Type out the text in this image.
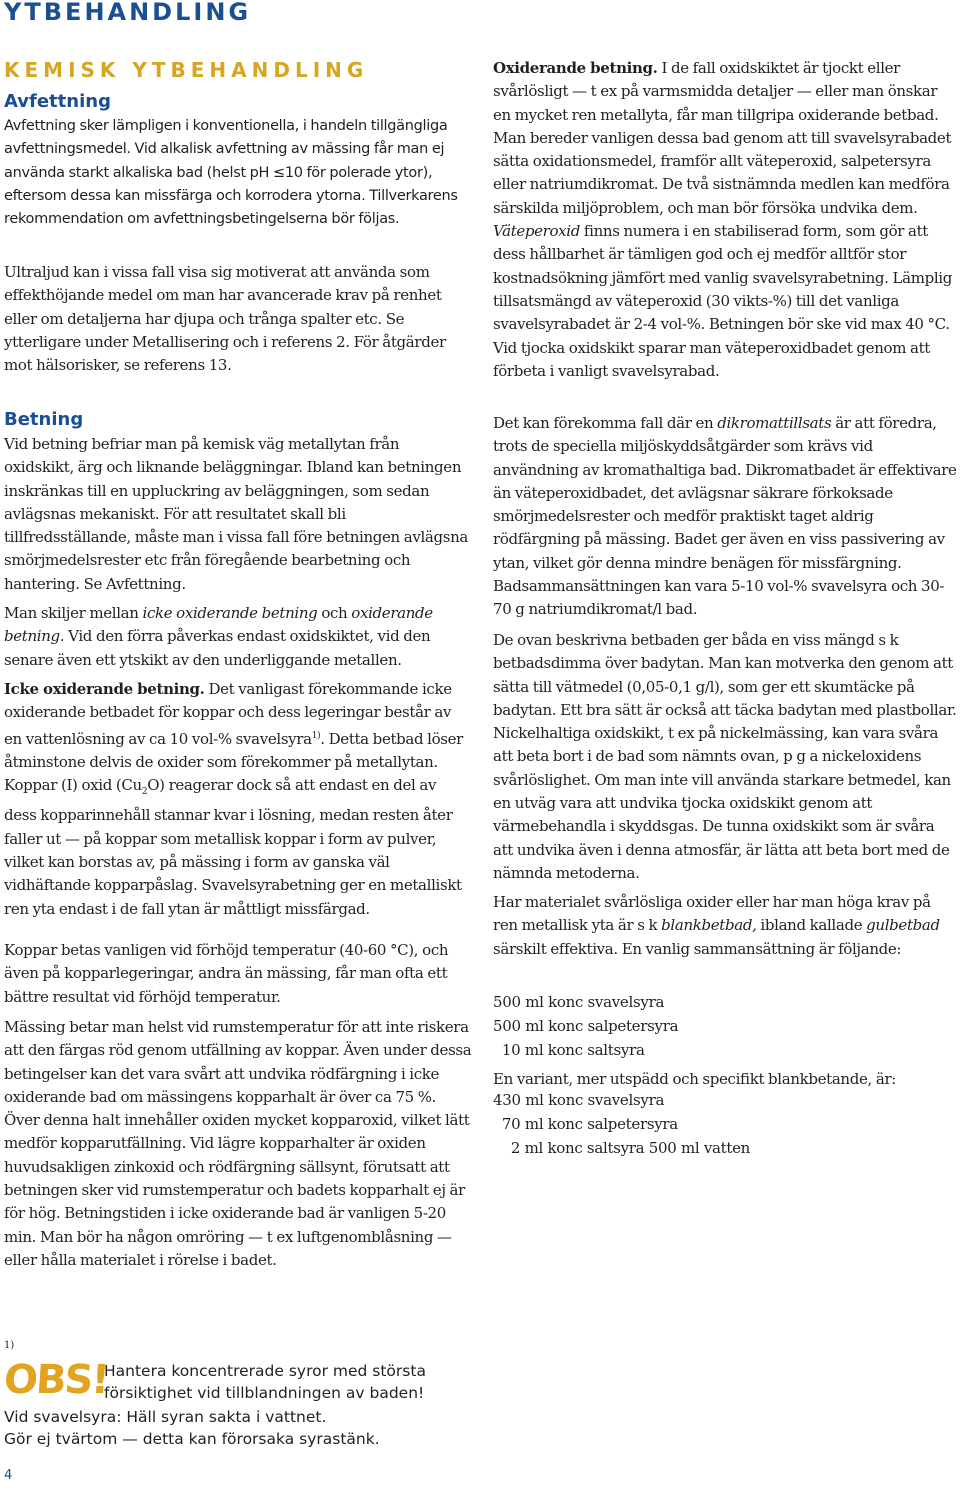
YTBEHANDLING
KEMISK YTBEHANDLING
Avfettning

Avfettning sker lämpligen i konventionella, i handeln tillgängliga avfettningsmedel. Vid alkalisk avfettning av mässing får man ej använda starkt alkaliska bad (helst pH ≤10 för polerade ytor), eftersom dessa kan missfärga och korrodera ytorna. Tillverkarens rekommendation om avfettningsbetingelserna bör följas.

Ultraljud kan i vissa fall visa sig motiverat att använda som effekthöjande medel om man har avancerade krav på renhet eller om detaljerna har djupa och trånga spalter etc. Se ytterligare under Metallisering och i referens 2. För åtgärder mot hälsorisker, se referens 13.

Betning

Vid betning befriar man på kemisk väg metallytan från oxidskikt, ärg och liknande beläggningar. Ibland kan betningen inskränkas till en uppluckring av beläggningen, som sedan avlägsnas mekaniskt. För att resultatet skall bli tillfredsställande, måste man i vissa fall före betningen avlägsna smörjmedelsrester etc från föregående bearbetning och hantering. Se Avfettning.

Man skiljer mellan icke oxiderande betning och oxiderande betning. Vid den förra påverkas endast oxidskiktet, vid den senare även ett ytskikt av den underliggande metallen.

Icke oxiderande betning. Det vanligast förekommande icke oxiderande betbadet för koppar och dess legeringar består av en vattenlösning av ca 10 vol-% svavelsyra$^{1)}$. Detta betbad löser åtminstone delvis de oxider som förekommer på metallytan. Koppar (I) oxid $(Cu_2O)$ reagerar dock så att endast en del av dess kopparinnehåll stannar kvar i lösning, medan resten åter faller ut — på koppar som metallisk koppar i form av pulver, vilket kan borstas av, på mässing i form av ganska väl vidhäftande kopparpåslag. Svavelsyrabetning ger en metalliskt ren yta endast i de fall ytan är måttligt missfärgad.

Koppar betas vanligen vid förhöjd temperatur (40-60 °C), och även på kopparlegeringar, andra än mässing, får man ofta ett bättre resultat vid förhöjd temperatur.

Mässing betar man helst vid rumstemperatur för att inte riskera att den färgas röd genom utfällning av koppar. Även under dessa betingelser kan det vara svårt att undvika rödfärgning i icke oxiderande bad om mässingens kopparhalt är över ca 75 %. Över denna halt innehåller oxiden mycket kopparoxid, vilket lätt medför kopparutfällning. Vid lägre kopparhalter är oxiden huvudsakligen zinkoxid och rödfärgning sällsynt, förutsatt att betningen sker vid rumstemperatur och badets kopparhalt ej är för hög. Betningstiden i icke oxiderande bad är vanligen 5-20 min. Man bör ha någon omröring — t ex luftgenomblåsning — eller hålla materialet i rörelse i badet.

Oxiderande betning. I de fall oxidskiktet är tjockt eller svårlösligt — t ex på varmsmidda detaljer — eller man önskar en mycket ren metallyta, får man tillgripa oxiderande betbad. Man bereder vanligen dessa bad genom att till svavelsyrabadet sätta oxidationsmedel, framför allt väteperoxid, salpetersyra eller natriumdikromat. De två sistnämnda medlen kan medföra särskilda miljöproblem, och man bör försöka undvika dem. Väteperoxid finns numera i en stabiliserad form, som gör att dess hållbarhet är tämligen god och ej medför alltför stor kostnadsökning jämfört med vanlig svavelsyrabetning. Lämplig tillsatsmängd av väteperoxid (30 vikts-%) till det vanliga svavelsyrabadet är 2-4 vol-%. Betningen bör ske vid max 40 °C. Vid tjocka oxidskikt sparar man väteperoxidbadet genom att förbeta i vanligt svavelsyrabad.

Det kan förekomma fall där en dikromattillsats är att föredra, trots de speciella miljöskyddsåtgärder som krävs vid användning av kromathaltiga bad. Dikromatbadet är effektivare än väteperoxidbadet, det avlägsnar säkrare förkoksade smörjmedelsrester och medför praktiskt taget aldrig rödfärgning på mässing. Badet ger även en viss passivering av ytan, vilket gör denna mindre benägen för missfärgning. Badsammansättningen kan vara 5-10 vol-% svavelsyra och 30-70 g natriumdikromat/l bad.

De ovan beskrivna betbaden ger båda en viss mängd s k betbadsdimma över badytan. Man kan motverka den genom att sätta till vätmedel (0,05-0,1 g/l), som ger ett skumtäcke på badytan. Ett bra sätt är också att täcka badytan med plastbollar. Nickelhaltiga oxidskikt, t ex på nickelmässing, kan vara svåra att beta bort i de bad som nämnts ovan, p g a nickeloxidens svårlöslighet. Om man inte vill använda starkare betmedel, kan en utväg vara att undvika tjocka oxidskikt genom att värmebehandla i skyddsgas. De tunna oxidskikt som är svåra att undvika även i denna atmosfär, är lätta att beta bort med de nämnda metoderna.

Har materialet svårlösliga oxider eller har man höga krav på ren metallisk yta är s k blankbetbad, ibland kallade gulbetbad särskilt effektiva. En vanlig sammansättning är följande:

500 ml konc svavelsyra
500 ml konc salpetersyra
10 ml konc saltsyra

En variant, mer utspädd och specifikt blankbetande, är:

430 ml konc svavelsyra
70 ml konc salpetersyra
2 ml konc saltsyra 500 ml vatten
1)
OBS!
Hantera koncentrerade syror med största
försiktighet vid tillblandningen av baden!
Vid svavelsyra: Häll syran sakta i vattnet.
Gör ej tvärtom — detta kan förorsaka syrastänk.
4
